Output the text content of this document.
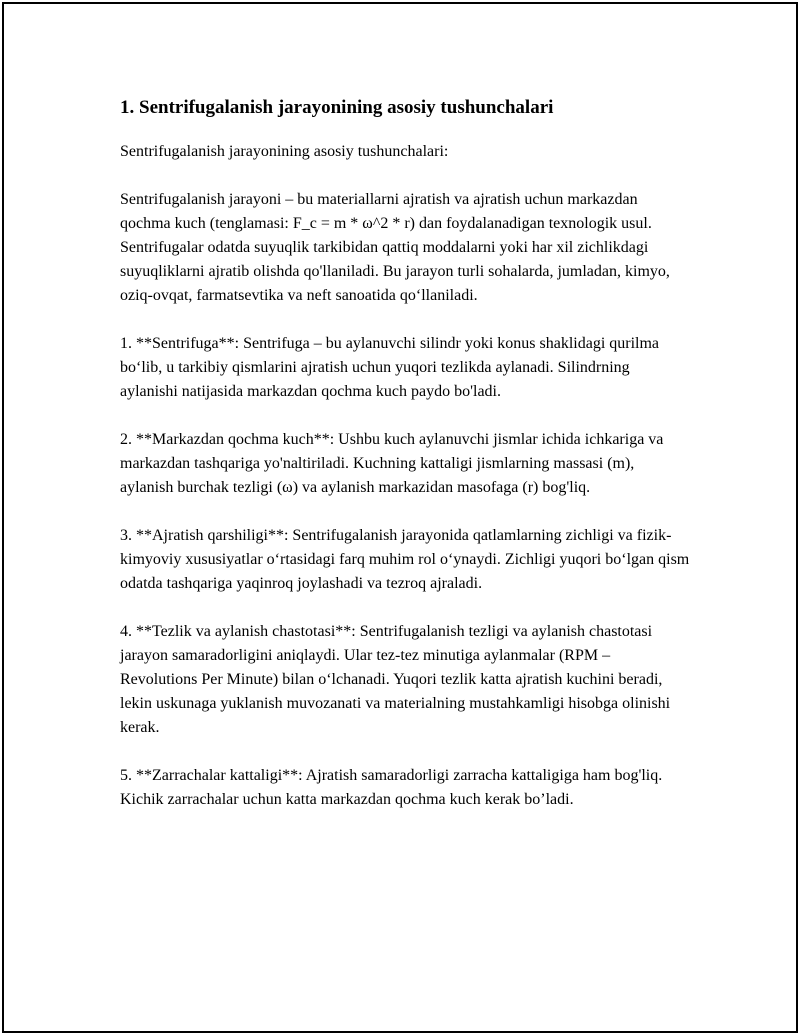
1. Sentrifugalanish jarayonining asosiy tushunchalari

Sentrifugalanish jarayonining asosiy tushunchalari:

Sentrifugalanish jarayoni – bu materiallarni ajratish va ajratish uchun markazdan qochma kuch (tenglamasi: F_c = m * ω^2 * r) dan foydalanadigan texnologik usul. Sentrifugalar odatda suyuqlik tarkibidan qattiq moddalarni yoki har xil zichlikdagi suyuqliklarni ajratib olishda qo'llaniladi. Bu jarayon turli sohalarda, jumladan, kimyo, oziq-ovqat, farmatsevtika va neft sanoatida qo‘llaniladi.

1. **Sentrifuga**: Sentrifuga – bu aylanuvchi silindr yoki konus shaklidagi qurilma bo‘lib, u tarkibiy qismlarini ajratish uchun yuqori tezlikda aylanadi. Silindrning aylanishi natijasida markazdan qochma kuch paydo bo'ladi.

2. **Markazdan qochma kuch**: Ushbu kuch aylanuvchi jismlar ichida ichkariga va markazdan tashqariga yo'naltiriladi. Kuchning kattaligi jismlarning massasi (m), aylanish burchak tezligi (ω) va aylanish markazidan masofaga (r) bog'liq.

3. **Ajratish qarshiligi**: Sentrifugalanish jarayonida qatlamlarning zichligi va fizik-kimyoviy xususiyatlar o‘rtasidagi farq muhim rol o‘ynaydi. Zichligi yuqori bo‘lgan qism odatda tashqariga yaqinroq joylashadi va tezroq ajraladi.

4. **Tezlik va aylanish chastotasi**: Sentrifugalanish tezligi va aylanish chastotasi jarayon samaradorligini aniqlaydi. Ular tez-tez minutiga aylanmalar (RPM – Revolutions Per Minute) bilan o‘lchanadi. Yuqori tezlik katta ajratish kuchini beradi, lekin uskunaga yuklanish muvozanati va materialning mustahkamligi hisobga olinishi kerak.

5. **Zarrachalar kattaligi**: Ajratish samaradorligi zarracha kattaligiga ham bog'liq. Kichik zarrachalar uchun katta markazdan qochma kuch kerak bo’ladi.
